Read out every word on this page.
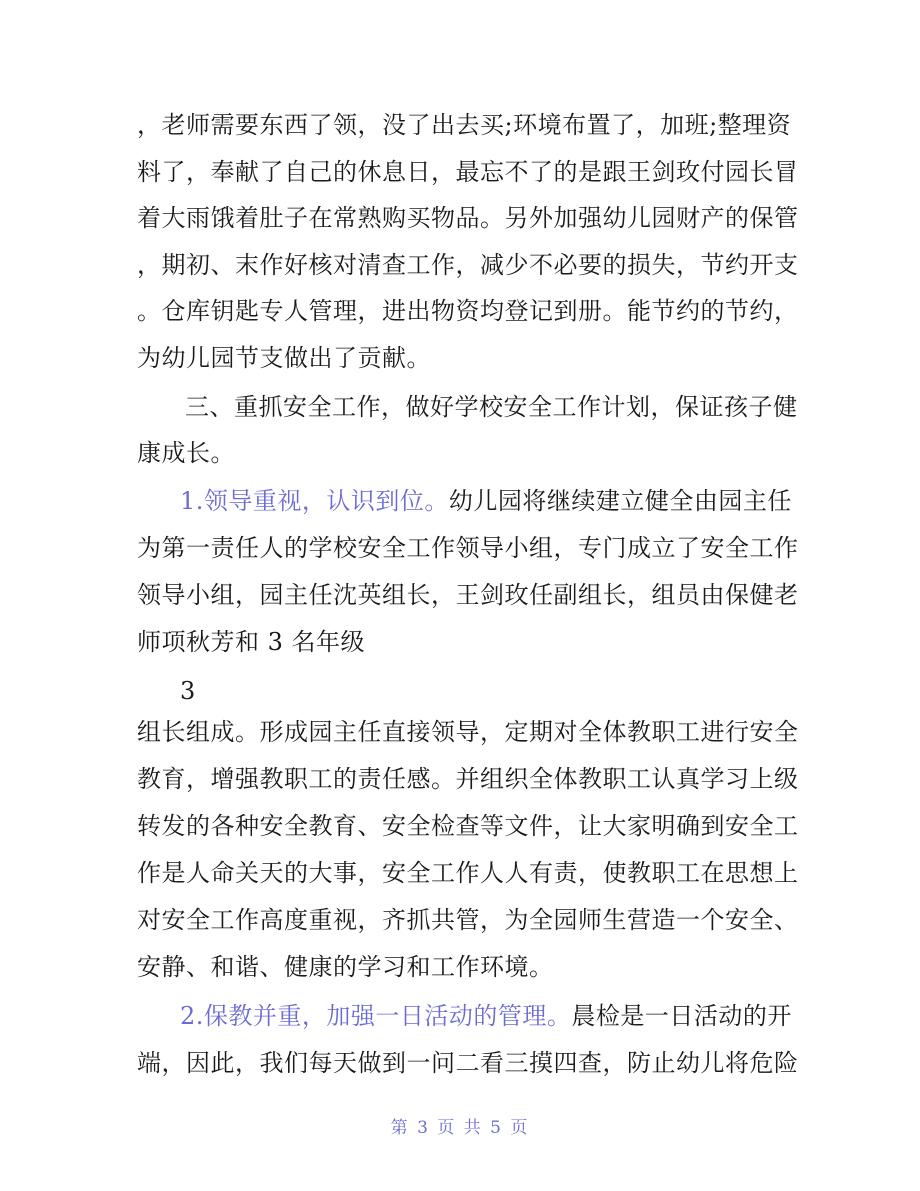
，老师需要东西了领，没了出去买;环境布置了，加班;整理资
料了，奉献了自己的休息日，最忘不了的是跟王剑玫付园长冒
着大雨饿着肚子在常熟购买物品。另外加强幼儿园财产的保管
，期初、末作好核对清查工作，减少不必要的损失，节约开支
。仓库钥匙专人管理，进出物资均登记到册。能节约的节约，
为幼儿园节支做出了贡献。
三、重抓安全工作，做好学校安全工作计划，保证孩子健
康成长。
1.领导重视，认识到位。幼儿园将继续建立健全由园主任
为第一责任人的学校安全工作领导小组，专门成立了安全工作
领导小组，园主任沈英组长，王剑玫任副组长，组员由保健老
师项秋芳和 3 名年级
3
组长组成。形成园主任直接领导，定期对全体教职工进行安全
教育，增强教职工的责任感。并组织全体教职工认真学习上级
转发的各种安全教育、安全检查等文件，让大家明确到安全工
作是人命关天的大事，安全工作人人有责，使教职工在思想上
对安全工作高度重视，齐抓共管，为全园师生营造一个安全、
安静、和谐、健康的学习和工作环境。
2.保教并重，加强一日活动的管理。晨检是一日活动的开
端，因此，我们每天做到一问二看三摸四查，防止幼儿将危险
第 3 页 共 5 页
